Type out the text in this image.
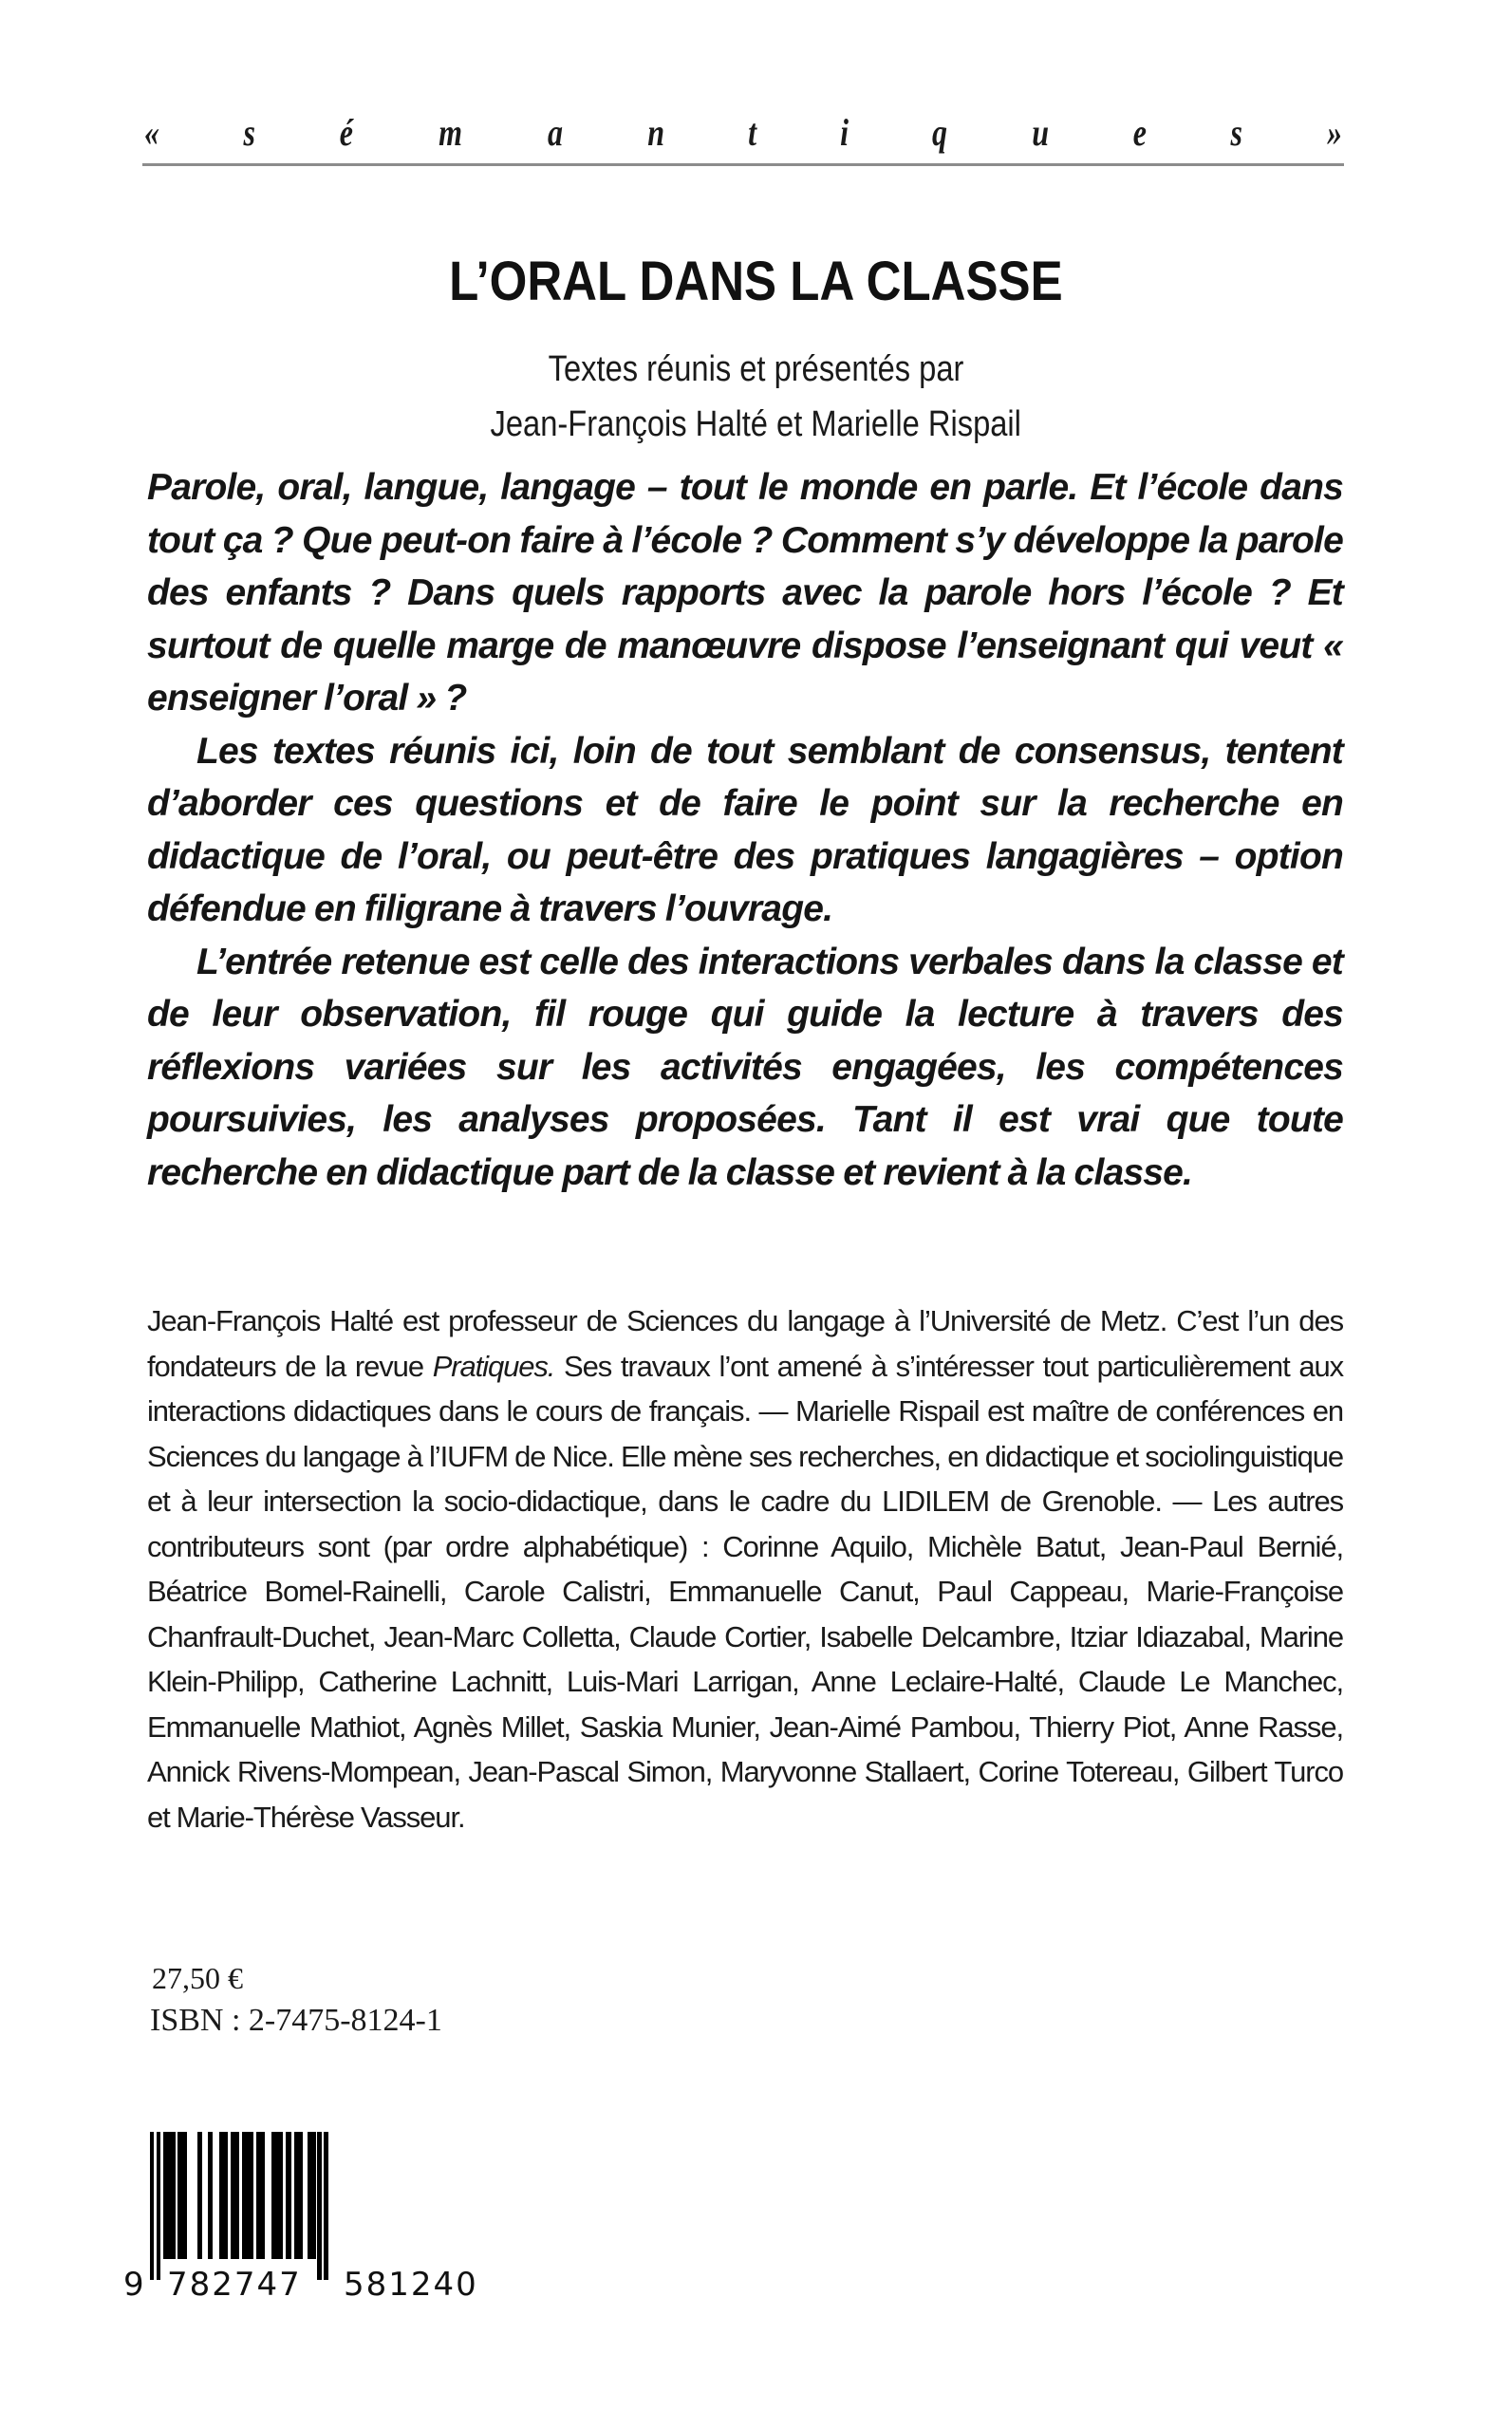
« s é m a n t i q u e s »
L’ORAL DANS LA CLASSE
Textes réunis et présentés par
Jean-François Halté et Marielle Rispail

Parole, oral, langue, langage – tout le monde en parle. Et l’école dans tout ça ? Que peut-on faire à l’école ? Comment s’y développe la parole des enfants ? Dans quels rapports avec la parole hors l’école ? Et surtout de quelle marge de manœuvre dispose l’enseignant qui veut « enseigner l’oral » ?

Les textes réunis ici, loin de tout semblant de consensus, tentent d’aborder ces questions et de faire le point sur la recherche en didactique de l’oral, ou peut-être des pratiques langagières – option défendue en filigrane à travers l’ouvrage.

L’entrée retenue est celle des interactions verbales dans la classe et de leur observation, fil rouge qui guide la lecture à travers des réflexions variées sur les activités engagées, les compétences poursuivies, les analyses proposées. Tant il est vrai que toute recherche en didactique part de la classe et revient à la classe.

Jean-François Halté est professeur de Sciences du langage à l’Université de Metz. C’est l’un des fondateurs de la revue Pratiques. Ses travaux l’ont amené à s’intéresser tout particulièrement aux interactions didactiques dans le cours de français. — Marielle Rispail est maître de conférences en Sciences du langage à l’IUFM de Nice. Elle mène ses recherches, en didactique et sociolinguistique et à leur intersection la socio-didactique, dans le cadre du LIDILEM de Grenoble. — Les autres contributeurs sont (par ordre alphabétique) : Corinne Aquilo, Michèle Batut, Jean-Paul Bernié, Béatrice Bomel-Rainelli, Carole Calistri, Emmanuelle Canut, Paul Cappeau, Marie-Françoise Chanfrault-Duchet, Jean-Marc Colletta, Claude Cortier, Isabelle Delcambre, Itziar Idiazabal, Marine Klein-Philipp, Catherine Lachnitt, Luis-Mari Larrigan, Anne Leclaire-Halté, Claude Le Manchec, Emmanuelle Mathiot, Agnès Millet, Saskia Munier, Jean-Aimé Pambou, Thierry Piot, Anne Rasse, Annick Rivens-Mompean, Jean-Pascal Simon, Maryvonne Stallaert, Corine Totereau, Gilbert Turco et Marie-Thérèse Vasseur.
27,50 €
ISBN : 2-7475-8124-1
9 782747 581240
